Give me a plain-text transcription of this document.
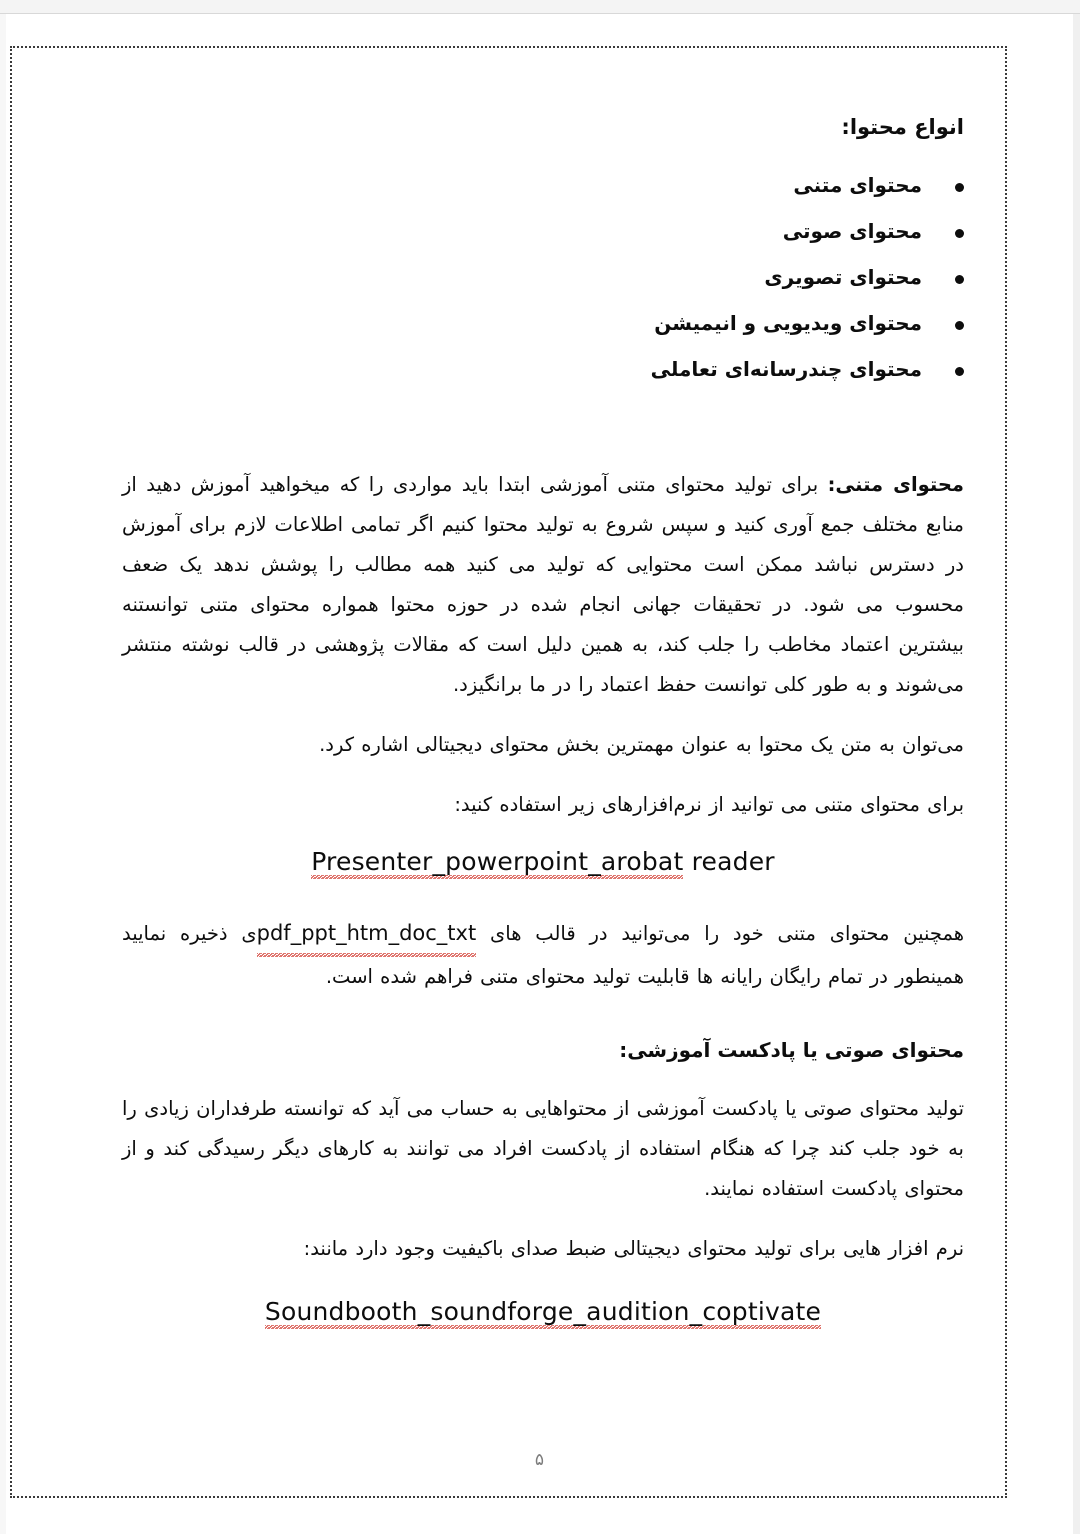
انواع محتوا:
محتوای متنی
محتوای صوتی
محتوای تصویری
محتوای ویدیویی و انیمیشن
محتوای چندرسانه‌ای تعاملی

محتوای متنی: برای تولید محتوای متنی آموزشی ابتدا باید مواردی را که میخواهید آموزش دهید از منابع مختلف جمع آوری کنید و سپس شروع به تولید محتوا کنیم اگر تمامی اطلاعات لازم برای آموزش در دسترس نباشد ممکن است محتوایی که تولید می کنید همه مطالب را پوشش ندهد یک ضعف محسوب می شود. در تحقیقات جهانی انجام شده در حوزه محتوا همواره محتوای متنی توانستنه بیشترین اعتماد مخاطب را جلب کند، به همین دلیل است که مقالات پژوهشی در قالب نوشته منتشر می‌شوند و به طور کلی توانست حفظ اعتماد را در ما برانگیزد.

می‌توان به متن یک محتوا به عنوان مهمترین بخش محتوای دیجیتالی اشاره کرد.

برای محتوای متنی می توانید از نرم‌افزارهای زیر استفاده کنید:

Presenter_powerpoint_arobat reader

همچنین محتوای متنی خود را می‌توانید در قالب های pdf_ppt_htm_doc_txtی ذخیره نمایید همینطور در تمام رایگان رایانه ها قابلیت تولید محتوای متنی فراهم شده است.

محتوای صوتی یا پادکست آموزشی:

تولید محتوای صوتی یا پادکست آموزشی از محتواهایی به حساب می آید که توانسته طرفداران زیادی را به خود جلب کند چرا که هنگام استفاده از پادکست افراد می توانند به کارهای دیگر رسیدگی کند و از محتوای پادکست استفاده نمایند.

نرم افزار هایی برای تولید محتوای دیجیتالی ضبط صدای باکیفیت وجود دارد مانند:

Soundbooth_soundforge_audition_coptivate
۵
